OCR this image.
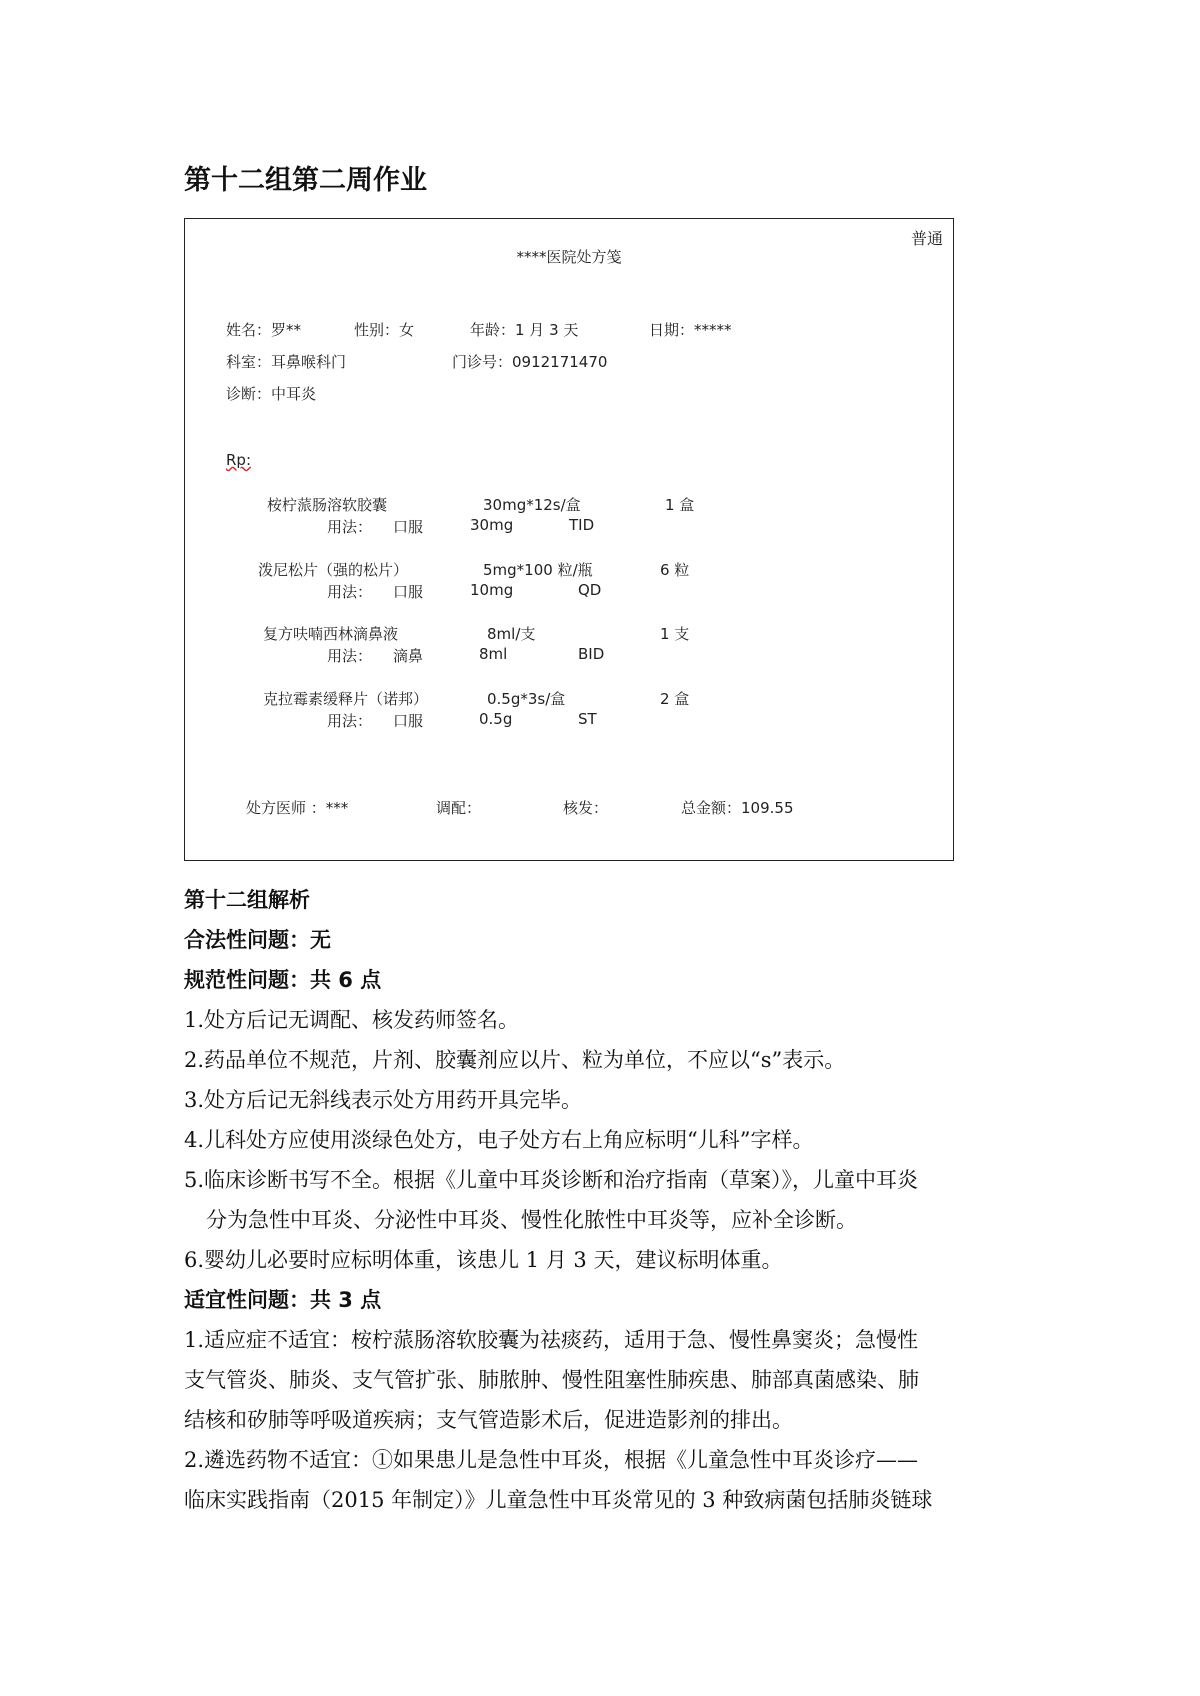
第十二组第二周作业
普通
****医院处方笺
姓名：罗**	性别：女	年龄：1 月 3 天	日期：*****
科室：耳鼻喉科门	门诊号：0912171470
诊断：中耳炎
Rp:
桉柠蒎肠溶软胶囊	30mg*12s/盒	1 盒
用法： 口服	30mg	TID
泼尼松片（强的松片）	5mg*100 粒/瓶	6 粒
用法： 口服	10mg	QD
复方呋喃西林滴鼻液	8ml/支	1 支
用法： 滴鼻	8ml	BID
克拉霉素缓释片（诺邦）	0.5g*3s/盒	2 盒
用法： 口服	0.5g	ST
处方医师 ：***	调配：	核发：	总金额：109.55
第十二组解析
合法性问题：无
规范性问题：共 6 点
1.处方后记无调配、核发药师签名。
2.药品单位不规范，片剂、胶囊剂应以片、粒为单位，不应以“s”表示。
3.处方后记无斜线表示处方用药开具完毕。
4.儿科处方应使用淡绿色处方，电子处方右上角应标明“儿科”字样。
5.临床诊断书写不全。根据《儿童中耳炎诊断和治疗指南（草案）》，儿童中耳炎
分为急性中耳炎、分泌性中耳炎、慢性化脓性中耳炎等，应补全诊断。
6.婴幼儿必要时应标明体重，该患儿 1 月 3 天，建议标明体重。
适宜性问题：共 3 点
1.适应症不适宜：桉柠蒎肠溶软胶囊为祛痰药，适用于急、慢性鼻窦炎；急慢性
支气管炎、肺炎、支气管扩张、肺脓肿、慢性阻塞性肺疾患、肺部真菌感染、肺
结核和矽肺等呼吸道疾病；支气管造影术后，促进造影剂的排出。
2.遴选药物不适宜：①如果患儿是急性中耳炎，根据《儿童急性中耳炎诊疗——
临床实践指南（2015 年制定）》儿童急性中耳炎常见的 3 种致病菌包括肺炎链球
